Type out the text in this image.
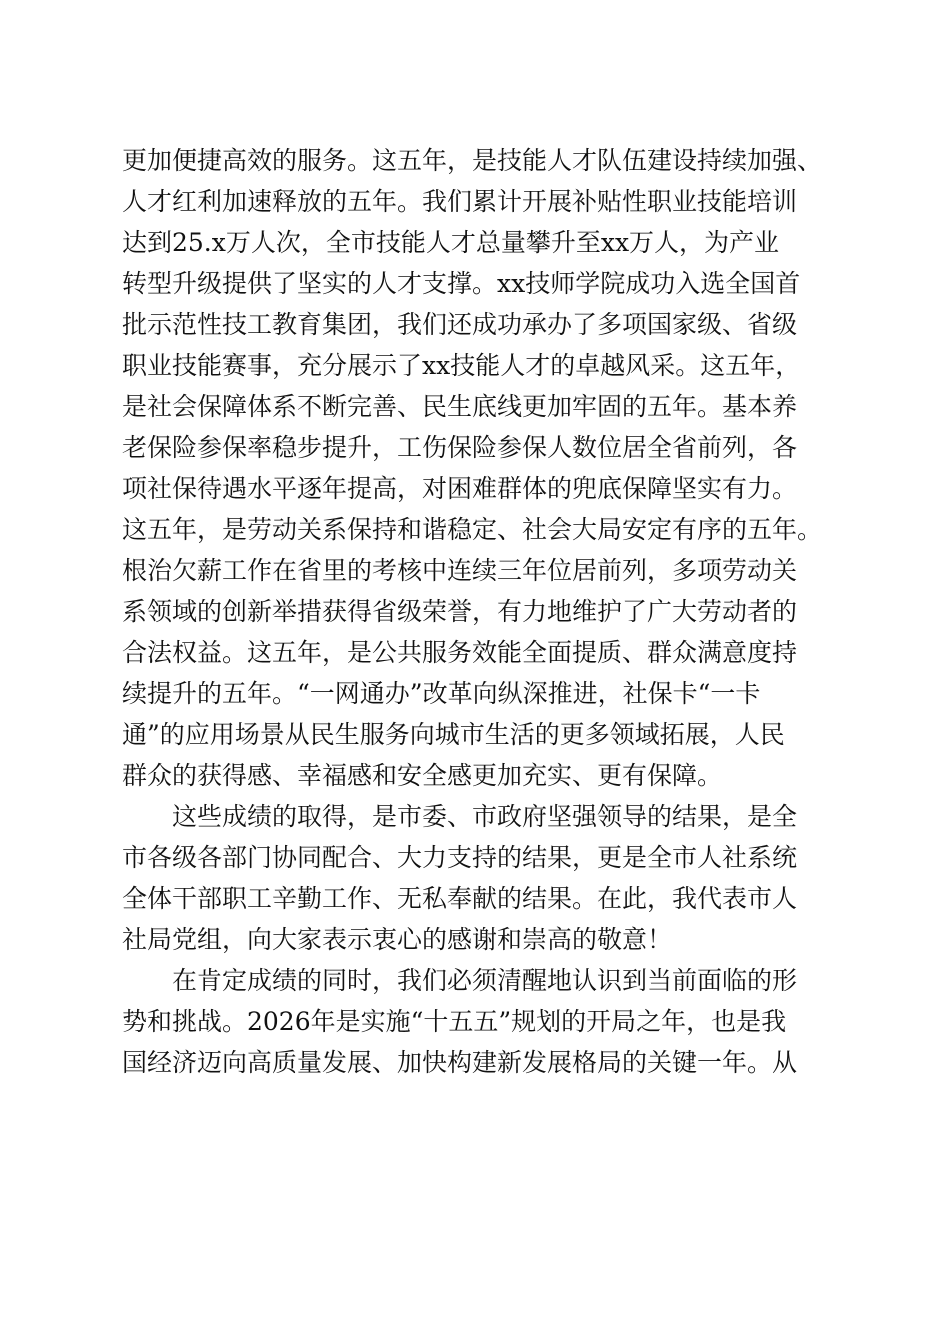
更加便捷高效的服务。这五年，是技能人才队伍建设持续加强、
人才红利加速释放的五年。我们累计开展补贴性职业技能培训
达到25.x万人次，全市技能人才总量攀升至xx万人，为产业
转型升级提供了坚实的人才支撑。xx技师学院成功入选全国首
批示范性技工教育集团，我们还成功承办了多项国家级、省级
职业技能赛事，充分展示了xx技能人才的卓越风采。这五年，
是社会保障体系不断完善、民生底线更加牢固的五年。基本养
老保险参保率稳步提升，工伤保险参保人数位居全省前列，各
项社保待遇水平逐年提高，对困难群体的兜底保障坚实有力。
这五年，是劳动关系保持和谐稳定、社会大局安定有序的五年。
根治欠薪工作在省里的考核中连续三年位居前列，多项劳动关
系领域的创新举措获得省级荣誉，有力地维护了广大劳动者的
合法权益。这五年，是公共服务效能全面提质、群众满意度持
续提升的五年。“一网通办”改革向纵深推进，社保卡“一卡
通”的应用场景从民生服务向城市生活的更多领域拓展，人民
群众的获得感、幸福感和安全感更加充实、更有保障。
　　这些成绩的取得，是市委、市政府坚强领导的结果，是全
市各级各部门协同配合、大力支持的结果，更是全市人社系统
全体干部职工辛勤工作、无私奉献的结果。在此，我代表市人
社局党组，向大家表示衷心的感谢和崇高的敬意！
　　在肯定成绩的同时，我们必须清醒地认识到当前面临的形
势和挑战。2026年是实施“十五五”规划的开局之年，也是我
国经济迈向高质量发展、加快构建新发展格局的关键一年。从
